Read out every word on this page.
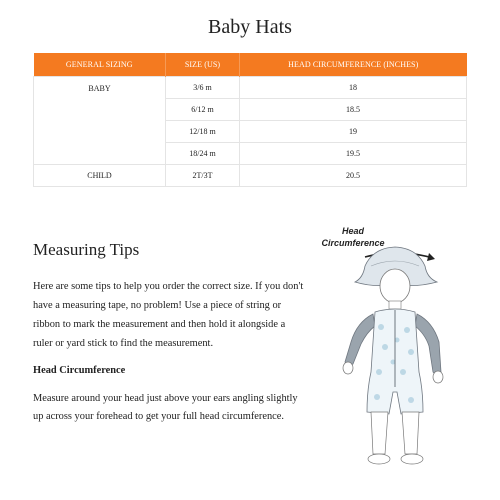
Baby Hats
GENERAL SIZING	SIZE (US)	HEAD CIRCUMFERENCE (INCHES)
BABY	3/6 m	18
	6/12 m	18.5
	12/18 m	19
	18/24 m	19.5
CHILD	2T/3T	20.5
Measuring Tips

Here are some tips to help you order the correct size. If you don't have a measuring tape, no problem! Use a piece of string or ribbon to mark the measurement and then hold it alongside a ruler or yard stick to find the measurement.

Head Circumference

Measure around your head just above your ears angling slightly up across your forehead to get your full head circumference.

Head
Circumference
